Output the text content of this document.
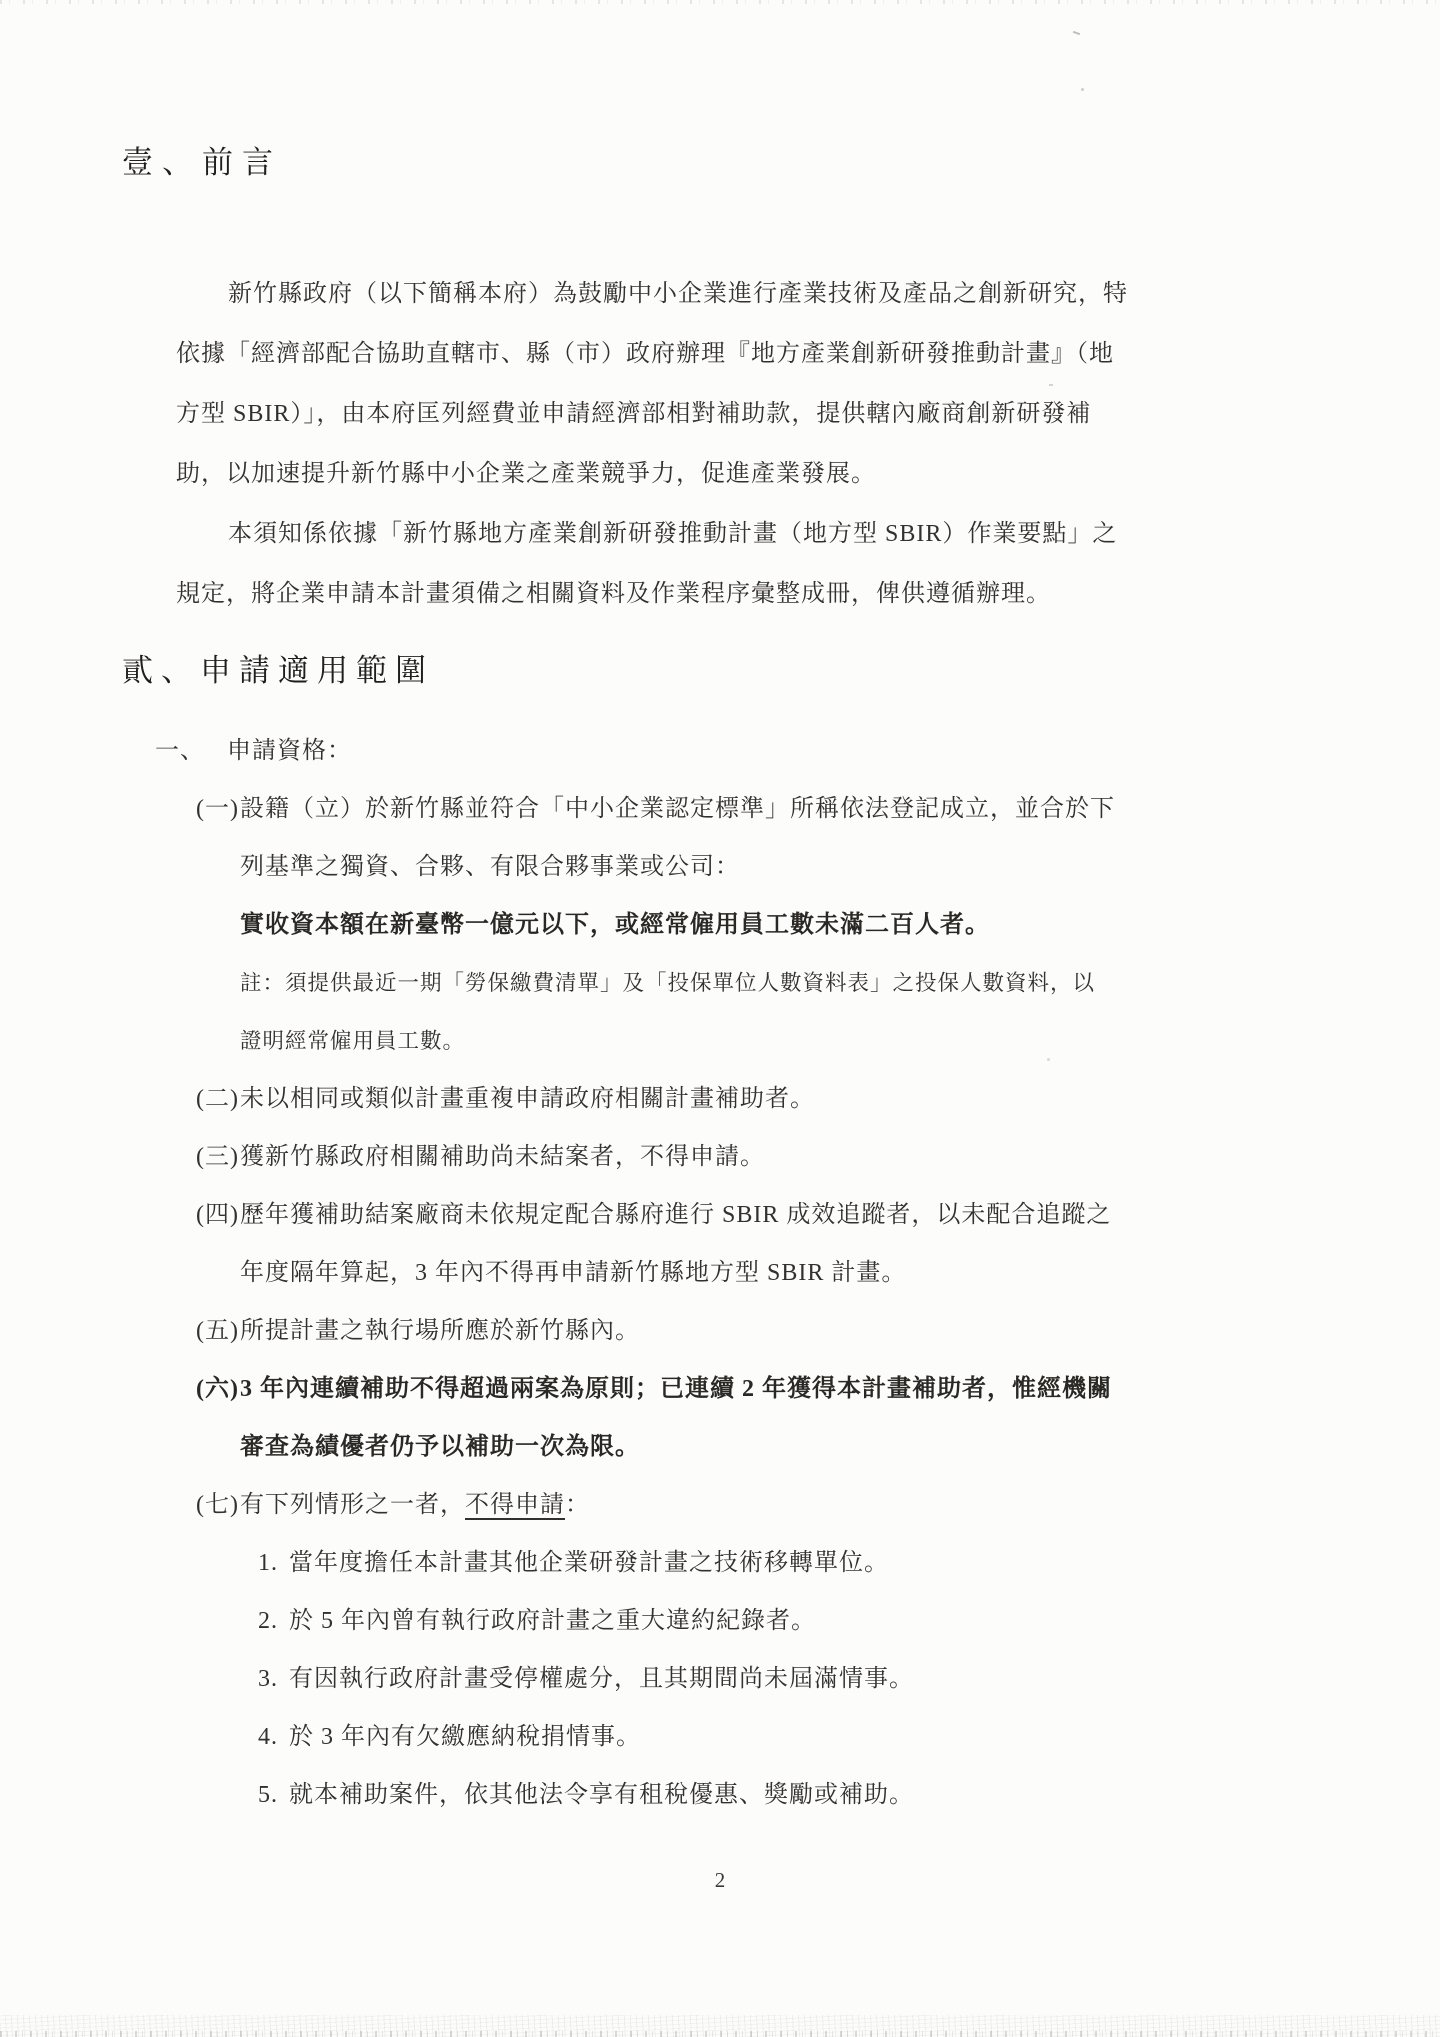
壹、前言
新竹縣政府（以下簡稱本府）為鼓勵中小企業進行產業技術及產品之創新研究，特
依據「經濟部配合協助直轄市、縣（市）政府辦理『地方產業創新研發推動計畫』（地
方型 SBIR）」，由本府匡列經費並申請經濟部相對補助款，提供轄內廠商創新研發補
助，以加速提升新竹縣中小企業之產業競爭力，促進產業發展。
本須知係依據「新竹縣地方產業創新研發推動計畫（地方型 SBIR）作業要點」之
規定，將企業申請本計畫須備之相關資料及作業程序彙整成冊，俾供遵循辦理。
貳、申請適用範圍
一、 申請資格：
(一)設籍（立）於新竹縣並符合「中小企業認定標準」所稱依法登記成立，並合於下
列基準之獨資、合夥、有限合夥事業或公司：
實收資本額在新臺幣一億元以下，或經常僱用員工數未滿二百人者。
註：須提供最近一期「勞保繳費清單」及「投保單位人數資料表」之投保人數資料，以
證明經常僱用員工數。
(二)未以相同或類似計畫重複申請政府相關計畫補助者。
(三)獲新竹縣政府相關補助尚未結案者，不得申請。
(四)歷年獲補助結案廠商未依規定配合縣府進行 SBIR 成效追蹤者，以未配合追蹤之
年度隔年算起，3 年內不得再申請新竹縣地方型 SBIR 計畫。
(五)所提計畫之執行場所應於新竹縣內。
(六)3 年內連續補助不得超過兩案為原則；已連續 2 年獲得本計畫補助者，惟經機關
審查為績優者仍予以補助一次為限。
(七)有下列情形之一者，不得申請：
1. 當年度擔任本計畫其他企業研發計畫之技術移轉單位。
2. 於 5 年內曾有執行政府計畫之重大違約紀錄者。
3. 有因執行政府計畫受停權處分，且其期間尚未屆滿情事。
4. 於 3 年內有欠繳應納稅捐情事。
5. 就本補助案件，依其他法令享有租稅優惠、獎勵或補助。
2
